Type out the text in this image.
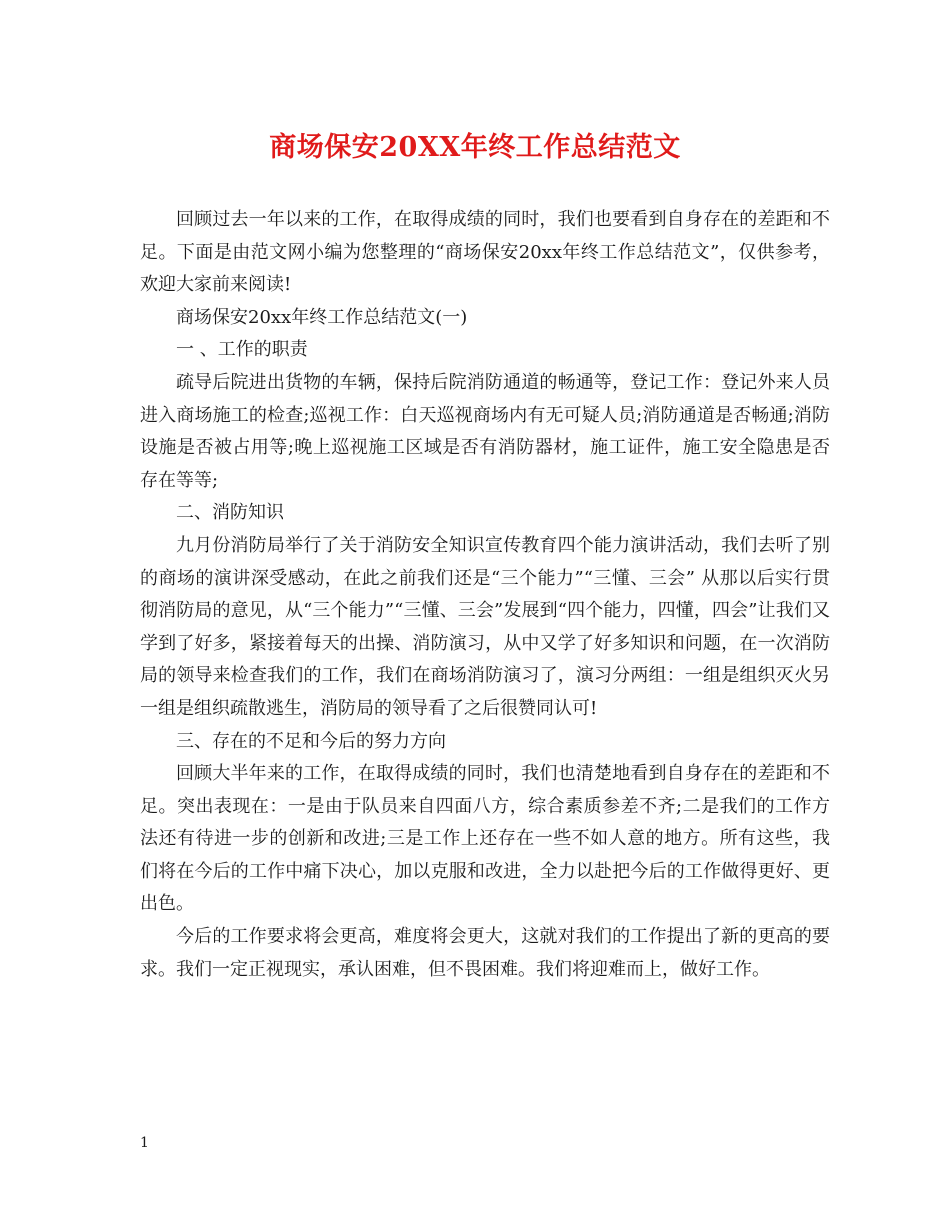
商场保安20XX年终工作总结范文

回顾过去一年以来的工作，在取得成绩的同时，我们也要看到自身存在的差距和不足。下面是由范文网小编为您整理的“商场保安20xx年终工作总结范文”，仅供参考，欢迎大家前来阅读!

商场保安20xx年终工作总结范文(一)

一 、工作的职责

疏导后院进出货物的车辆，保持后院消防通道的畅通等，登记工作：登记外来人员进入商场施工的检查;巡视工作：白天巡视商场内有无可疑人员;消防通道是否畅通;消防设施是否被占用等;晚上巡视施工区域是否有消防器材，施工证件，施工安全隐患是否存在等等;

二、消防知识

九月份消防局举行了关于消防安全知识宣传教育四个能力演讲活动，我们去听了别的商场的演讲深受感动，在此之前我们还是“三个能力”“三懂、三会” 从那以后实行贯彻消防局的意见，从“三个能力”“三懂、三会”发展到“四个能力，四懂，四会”让我们又学到了好多，紧接着每天的出操、消防演习，从中又学了好多知识和问题，在一次消防局的领导来检查我们的工作，我们在商场消防演习了，演习分两组：一组是组织灭火另一组是组织疏散逃生，消防局的领导看了之后很赞同认可!

三、存在的不足和今后的努力方向

回顾大半年来的工作，在取得成绩的同时，我们也清楚地看到自身存在的差距和不足。突出表现在：一是由于队员来自四面八方，综合素质参差不齐;二是我们的工作方法还有待进一步的创新和改进;三是工作上还存在一些不如人意的地方。所有这些，我们将在今后的工作中痛下决心，加以克服和改进，全力以赴把今后的工作做得更好、更出色。

今后的工作要求将会更高，难度将会更大，这就对我们的工作提出了新的更高的要求。我们一定正视现实，承认困难，但不畏困难。我们将迎难而上，做好工作。

1
